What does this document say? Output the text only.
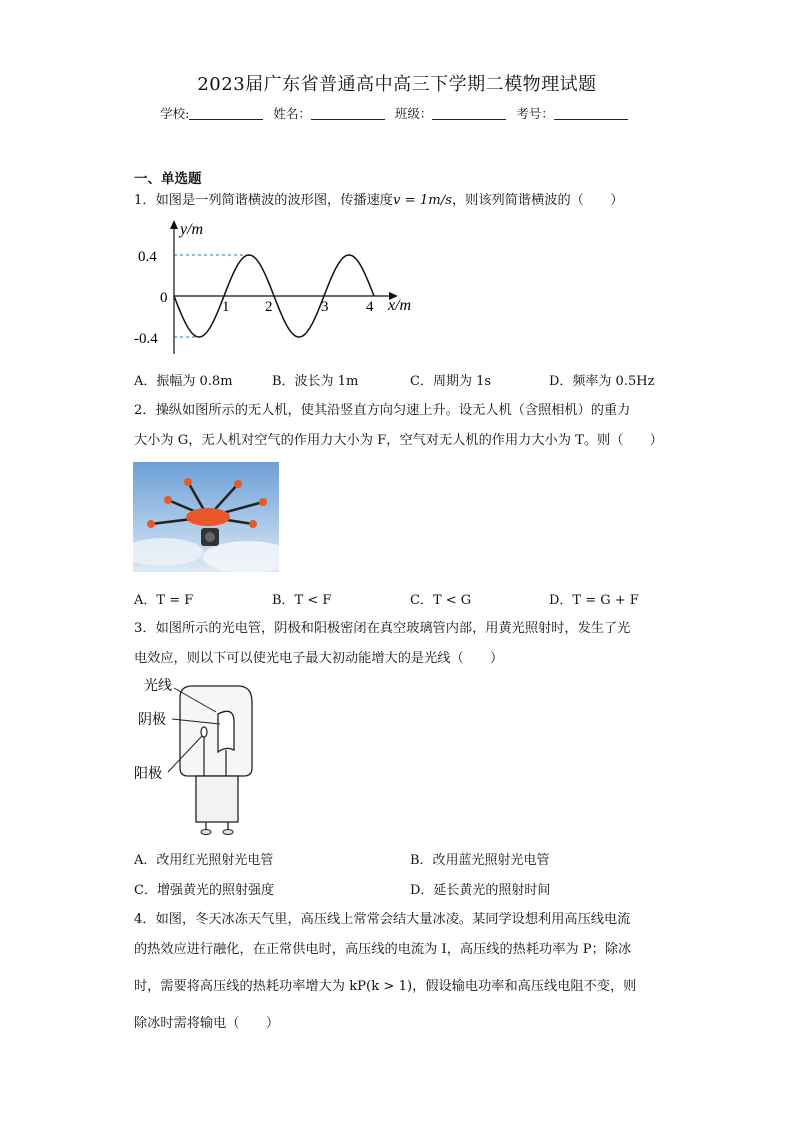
2023届广东省普通高中高三下学期二模物理试题
学校:	姓名：	班级：	考号：
一、单选题
1．如图是一列简谐横波的波形图，传播速度v = 1m/s，则该列简谐横波的（　　）
y/m
0.4
0
-0.4
1 2	3	4 x/m
A．振幅为 0.8m	B．波长为 1m	C．周期为 1s	D．频率为 0.5Hz
2．操纵如图所示的无人机，使其沿竖直方向匀速上升。设无人机（含照相机）的重力
大小为 G，无人机对空气的作用力大小为 F，空气对无人机的作用力大小为 T。则（　　）
A．T = F	B．T < F	C．T < G	D．T = G + F
3．如图所示的光电管，阴极和阳极密闭在真空玻璃管内部，用黄光照射时，发生了光
电效应，则以下可以使光电子最大初动能增大的是光线（　　）
光线
阴极
阳极
A．改用红光照射光电管	B．改用蓝光照射光电管
C．增强黄光的照射强度	D．延长黄光的照射时间
4．如图，冬天冰冻天气里，高压线上常常会结大量冰凌。某同学设想利用高压线电流
的热效应进行融化，在正常供电时，高压线的电流为 I，高压线的热耗功率为 P；除冰
时，需要将高压线的热耗功率增大为 kP(k > 1)，假设输电功率和高压线电阻不变，则
除冰时需将输电（　　）
